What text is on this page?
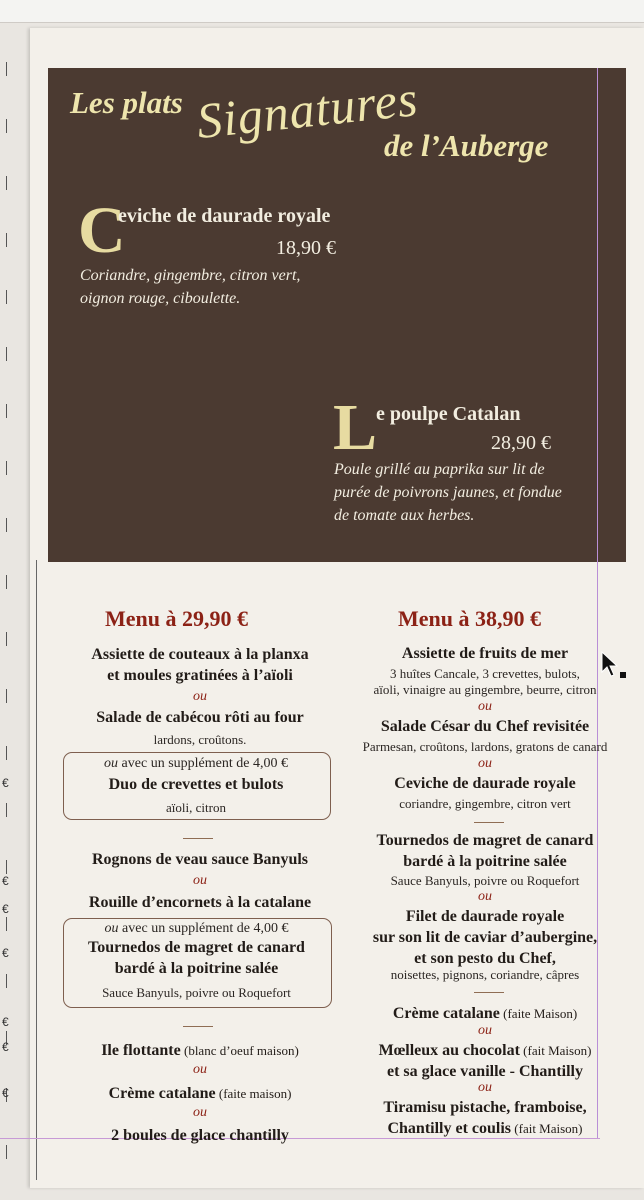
€
€
€
€
€
€
€
Les plats Signatures
de l’Auberge
C
eviche de daurade royale
18,90 €
Coriandre, gingembre, citron vert,
oignon rouge, ciboulette.
L
e poulpe Catalan
28,90 €
Poule grillé au paprika sur lit de
purée de poivrons jaunes, et fondue
de tomate aux herbes.
Menu à 29,90 €
Assiette de couteaux à la planxa
et moules gratinées à l’aïoli
ou
Salade de cabécou rôti au four
lardons, croûtons.
ou avec un supplément de 4,00 €
Duo de crevettes et bulots
aïoli, citron
Rognons de veau sauce Banyuls
ou
Rouille d’encornets à la catalane
ou avec un supplément de 4,00 €
Tournedos de magret de canard
bardé à la poitrine salée
Sauce Banyuls, poivre ou Roquefort
Ile flottante (blanc d’oeuf maison)
ou
Crème catalane (faite maison)
ou
2 boules de glace chantilly
Menu à 38,90 €
Assiette de fruits de mer
3 huîtes Cancale, 3 crevettes, bulots,
aïoli, vinaigre au gingembre, beurre, citron
ou
Salade César du Chef revisitée
Parmesan, croûtons, lardons, gratons de canard
ou
Ceviche de daurade royale
coriandre, gingembre, citron vert
Tournedos de magret de canard
bardé à la poitrine salée
Sauce Banyuls, poivre ou Roquefort
ou
Filet de daurade royale
sur son lit de caviar d’aubergine,
et son pesto du Chef,
noisettes, pignons, coriandre, câpres
Crème catalane (faite Maison)
ou
Mœlleux au chocolat (fait Maison)
et sa glace vanille - Chantilly
ou
Tiramisu pistache, framboise,
Chantilly et coulis (fait Maison)
